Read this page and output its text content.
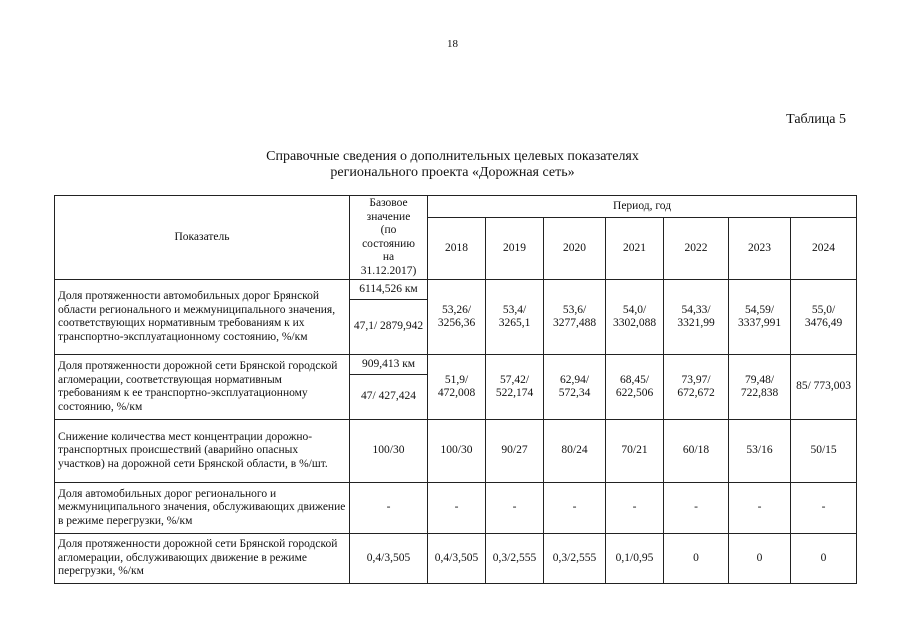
18
Таблица 5
Справочные сведения о дополнительных целевых показателях
регионального проекта «Дорожная сеть»
Показатель	Базовое
значение
(по состоянию
на
31.12.2017)	Период, год						
		2018	2019	2020	2021	2022	2023	2024
Доля протяженности автомобильных дорог Брянской области регионального и межмуниципального значения, соответствующих нормативным требованиям к их транспортно-эксплуатационному состоянию, %/км	6114,526 км	53,26/ 3256,36	53,4/ 3265,1	53,6/ 3277,488	54,0/ 3302,088	54,33/ 3321,99	54,59/ 3337,991	55,0/ 3476,49
	47,1/ 2879,942							
Доля протяженности дорожной сети Брянской городской агломерации, соответствующая нормативным требованиям к ее транспортно-эксплуатационному состоянию, %/км	909,413 км	51,9/ 472,008	57,42/ 522,174	62,94/ 572,34	68,45/ 622,506	73,97/ 672,672	79,48/ 722,838	85/ 773,003
	47/ 427,424							
Снижение количества мест концентрации дорожно-транспортных происшествий (аварийно опасных участков) на дорожной сети Брянской области, в %/шт.	100/30	100/30	90/27	80/24	70/21	60/18	53/16	50/15
Доля автомобильных дорог регионального и межмуниципального значения, обслуживающих движение в режиме перегрузки, %/км	-	-	-	-	-	-	-	-
Доля протяженности дорожной сети Брянской городской агломерации, обслуживающих движение в режиме перегрузки, %/км	0,4/3,505	0,4/3,505	0,3/2,555	0,3/2,555	0,1/0,95	0	0	0
